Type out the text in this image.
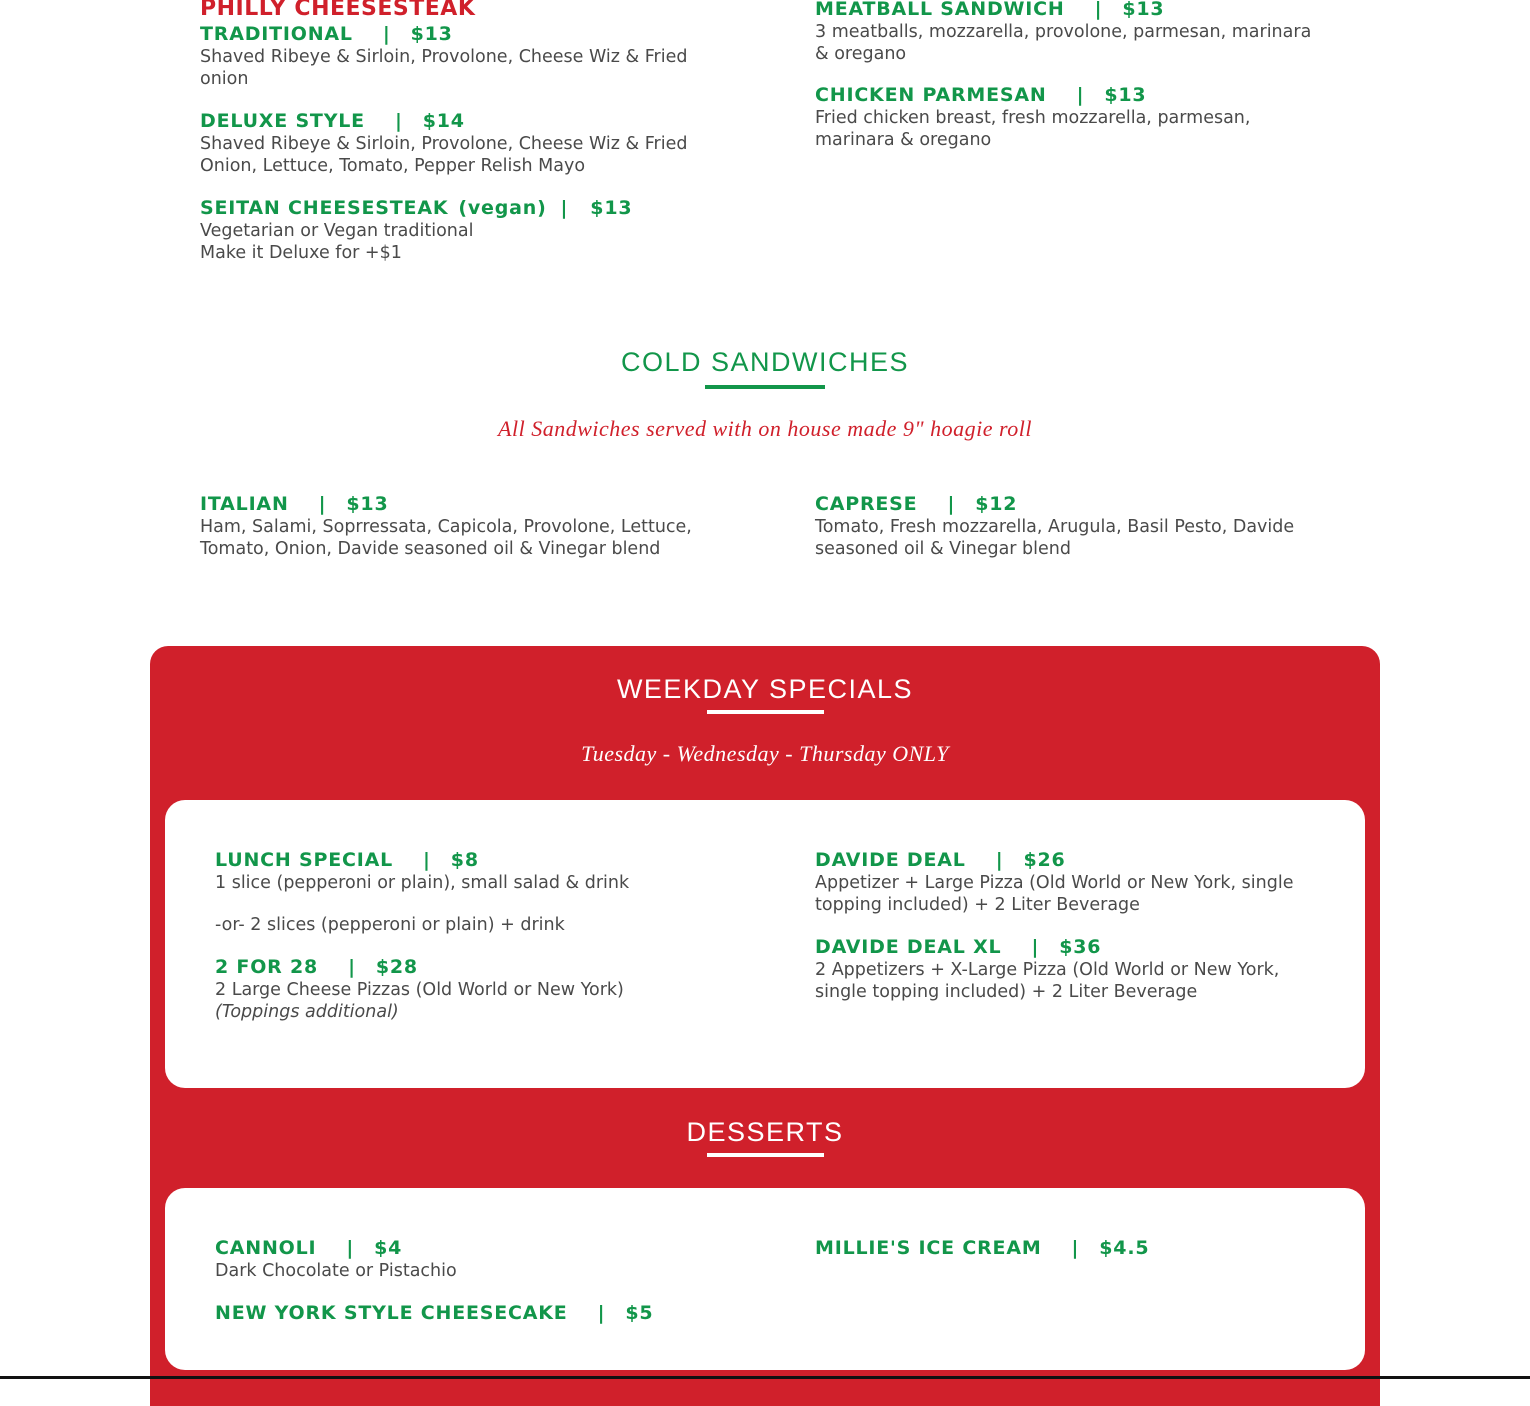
PHILLY CHEESESTEAK
TRADITIONAL | $13

Shaved Ribeye & Sirloin, Provolone, Cheese Wiz & Fried

onion

DELUXE STYLE | $14

Shaved Ribeye & Sirloin, Provolone, Cheese Wiz & Fried

Onion, Lettuce, Tomato, Pepper Relish Mayo

SEITAN CHEESESTEAK (vegan) | $13

Vegetarian or Vegan traditional

Make it Deluxe for +$1

MEATBALL SANDWICH | $13

3 meatballs, mozzarella, provolone, parmesan, marinara

& oregano

CHICKEN PARMESAN | $13

Fried chicken breast, fresh mozzarella, parmesan,

marinara & oregano

COLD SANDWICHES
All Sandwiches served with on house made 9" hoagie roll
ITALIAN | $13

Ham, Salami, Soprressata, Capicola, Provolone, Lettuce,

Tomato, Onion, Davide seasoned oil & Vinegar blend

CAPRESE | $12

Tomato, Fresh mozzarella, Arugula, Basil Pesto, Davide

seasoned oil & Vinegar blend

WEEKDAY SPECIALS
Tuesday - Wednesday - Thursday ONLY
LUNCH SPECIAL | $8

1 slice (pepperoni or plain), small salad & drink

-or- 2 slices (pepperoni or plain) + drink

2 FOR 28 | $28

2 Large Cheese Pizzas (Old World or New York)

(Toppings additional)

DAVIDE DEAL | $26

Appetizer + Large Pizza (Old World or New York, single

topping included) + 2 Liter Beverage

DAVIDE DEAL XL | $36

2 Appetizers + X-Large Pizza (Old World or New York,

single topping included) + 2 Liter Beverage

DESSERTS
CANNOLI | $4

Dark Chocolate or Pistachio

NEW YORK STYLE CHEESECAKE | $5
MILLIE'S ICE CREAM | $4.5
